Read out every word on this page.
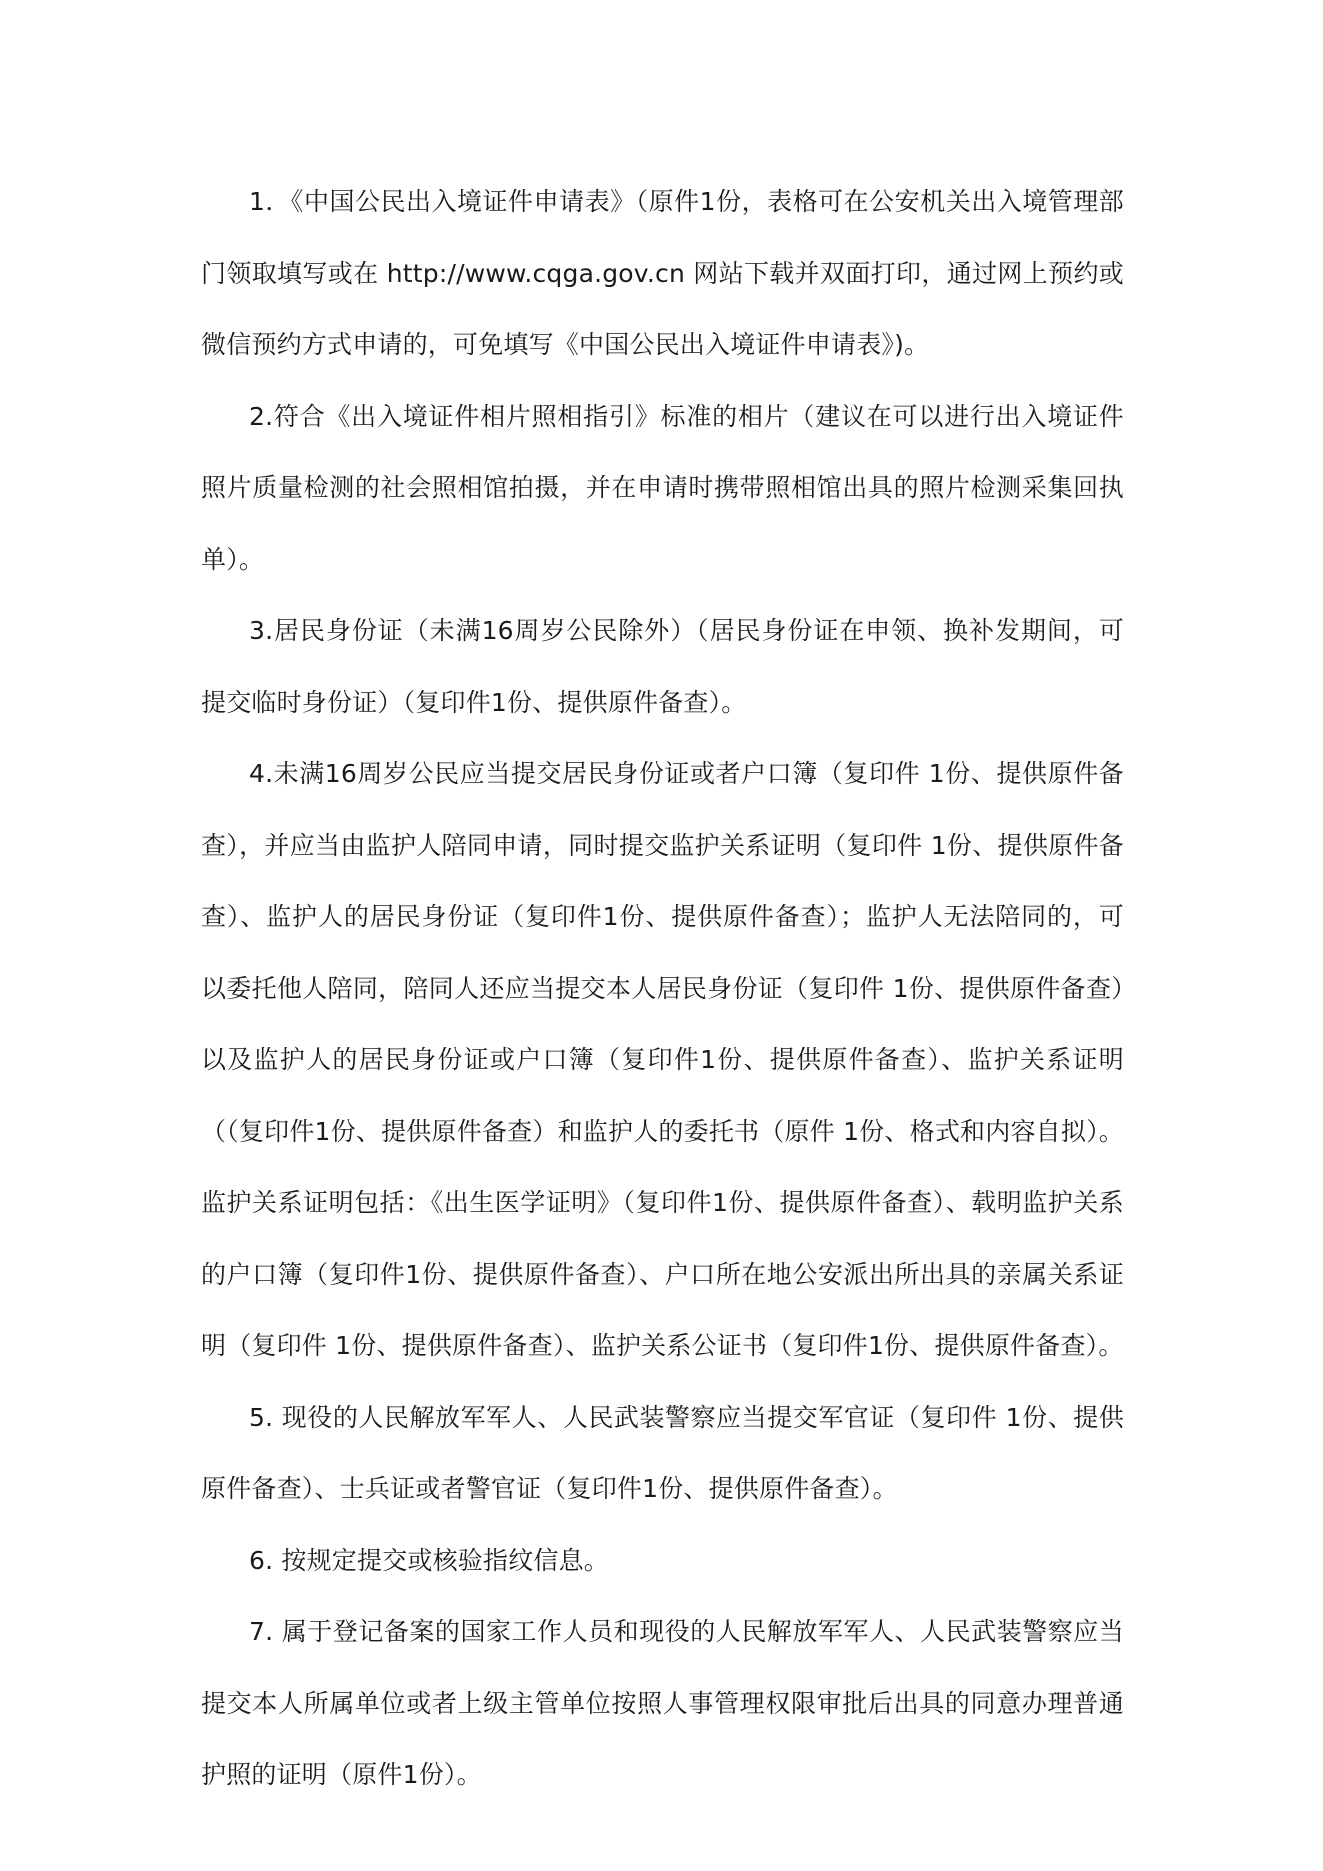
1．《中国公民出入境证件申请表》（原件1份，表格可在公安机关出入境管理部门领取填写或在 http://www.cqga.gov.cn 网站下载并双面打印，通过网上预约或微信预约方式申请的，可免填写《中国公民出入境证件申请表》)。

2.符合《出入境证件相片照相指引》标准的相片（建议在可以进行出入境证件照片质量检测的社会照相馆拍摄，并在申请时携带照相馆出具的照片检测采集回执单）。

3.居民身份证（未满16周岁公民除外）（居民身份证在申领、换补发期间，可提交临时身份证）（复印件1份、提供原件备查）。

4.未满16周岁公民应当提交居民身份证或者户口簿（复印件 1份、提供原件备查），并应当由监护人陪同申请，同时提交监护关系证明（复印件 1份、提供原件备查）、监护人的居民身份证（复印件1份、提供原件备查）；监护人无法陪同的，可以委托他人陪同，陪同人还应当提交本人居民身份证（复印件 1份、提供原件备查）以及监护人的居民身份证或户口簿（复印件1份、提供原件备查）、监护关系证明（（复印件1份、提供原件备查）和监护人的委托书（原件 1份、格式和内容自拟）。监护关系证明包括：《出生医学证明》（复印件1份、提供原件备查）、载明监护关系的户口簿（复印件1份、提供原件备查）、户口所在地公安派出所出具的亲属关系证明（复印件 1份、提供原件备查）、监护关系公证书（复印件1份、提供原件备查）。

5. 现役的人民解放军军人、人民武装警察应当提交军官证（复印件 1份、提供原件备查）、士兵证或者警官证（复印件1份、提供原件备查）。

6. 按规定提交或核验指纹信息。

7. 属于登记备案的国家工作人员和现役的人民解放军军人、人民武装警察应当提交本人所属单位或者上级主管单位按照人事管理权限审批后出具的同意办理普通护照的证明（原件1份）。
